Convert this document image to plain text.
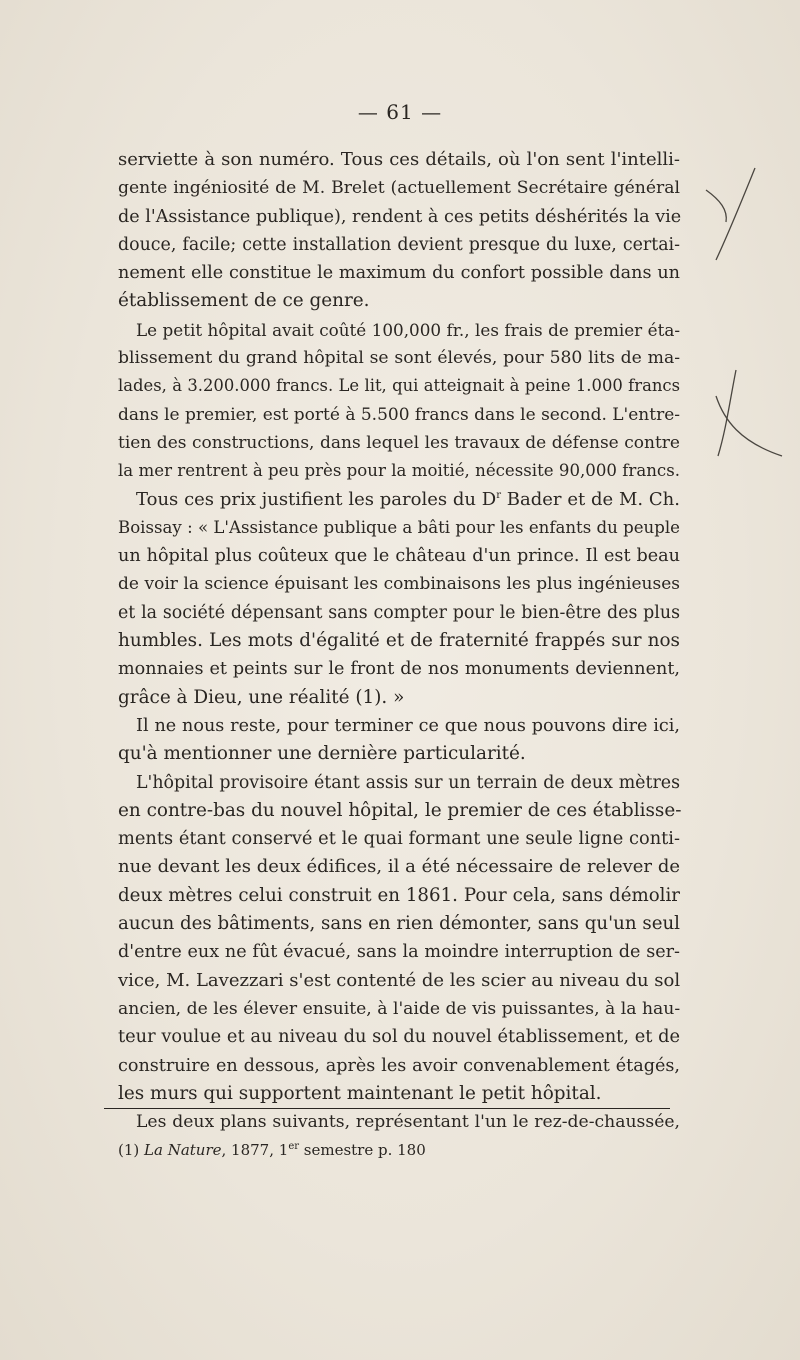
— 61 —
serviette à son numéro. Tous ces détails, où l'on sent l'intelli-
gente ingéniosité de M. Brelet (actuellement Secrétaire général
de l'Assistance publique), rendent à ces petits déshérités la vie
douce, facile; cette installation devient presque du luxe, certai-
nement elle constitue le maximum du confort possible dans un
établissement de ce genre.
Le petit hôpital avait coûté 100,000 fr., les frais de premier éta-
blissement du grand hôpital se sont élevés, pour 580 lits de ma-
lades, à 3.200.000 francs. Le lit, qui atteignait à peine 1.000 francs
dans le premier, est porté à 5.500 francs dans le second. L'entre-
tien des constructions, dans lequel les travaux de défense contre
la mer rentrent à peu près pour la moitié, nécessite 90,000 francs.
Tous ces prix justifient les paroles du $D^r$ Bader et de M. Ch.
Boissay : « L'Assistance publique a bâti pour les enfants du peuple
un hôpital plus coûteux que le château d'un prince. Il est beau
de voir la science épuisant les combinaisons les plus ingénieuses
et la société dépensant sans compter pour le bien-être des plus
humbles. Les mots d'égalité et de fraternité frappés sur nos
monnaies et peints sur le front de nos monuments deviennent,
grâce à Dieu, une réalité (1). »
Il ne nous reste, pour terminer ce que nous pouvons dire ici,
qu'à mentionner une dernière particularité.
L'hôpital provisoire étant assis sur un terrain de deux mètres
en contre-bas du nouvel hôpital, le premier de ces établisse-
ments étant conservé et le quai formant une seule ligne conti-
nue devant les deux édifices, il a été nécessaire de relever de
deux mètres celui construit en 1861. Pour cela, sans démolir
aucun des bâtiments, sans en rien démonter, sans qu'un seul
d'entre eux ne fût évacué, sans la moindre interruption de ser-
vice, M. Lavezzari s'est contenté de les scier au niveau du sol
ancien, de les élever ensuite, à l'aide de vis puissantes, à la hau-
teur voulue et au niveau du sol du nouvel établissement, et de
construire en dessous, après les avoir convenablement étagés,
les murs qui supportent maintenant le petit hôpital.
Les deux plans suivants, représentant l'un le rez-de-chaussée,
(1) La Nature, 1877, 1er semestre p. 180
